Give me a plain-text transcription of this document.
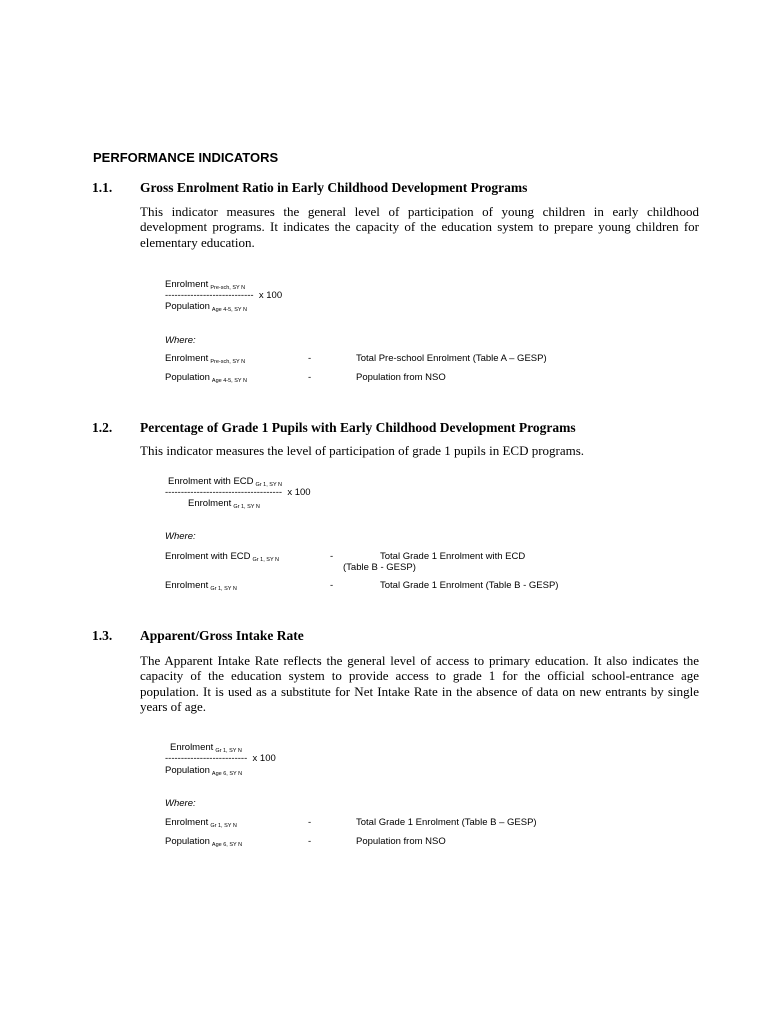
PERFORMANCE INDICATORS
1.1. Gross Enrolment Ratio in Early Childhood Development Programs
This indicator measures the general level of participation of young children in early childhood development programs. It indicates the capacity of the education system to prepare young children for elementary education.
Enrolment $_{Pre-sch, SY N}$
---------------------------- x 100
Population $_{Age 4-5, SY N}$
Where:
Enrolment $_{Pre-sch, SY N}$	-	Total Pre-school Enrolment (Table A – GESP)
Population $_{Age 4-5, SY N}$	-	Population from NSO
1.2. Percentage of Grade 1 Pupils with Early Childhood Development Programs
This indicator measures the level of participation of grade 1 pupils in ECD programs.
Enrolment with ECD $_{Gr 1, SY N}$
------------------------------------- x 100
Enrolment $_{Gr 1, SY N}$
Where:
Enrolment with ECD $_{Gr 1, SY N}$	-	Total Grade 1 Enrolment with ECD
(Table B - GESP)
Enrolment $_{Gr 1, SY N}$	-	Total Grade 1 Enrolment (Table B - GESP)
1.3. Apparent/Gross Intake Rate
The Apparent Intake Rate reflects the general level of access to primary education. It also indicates the capacity of the education system to provide access to grade 1 for the official school-entrance age population. It is used as a substitute for Net Intake Rate in the absence of data on new entrants by single years of age.
Enrolment $_{Gr 1, SY N}$
-------------------------- x 100
Population $_{Age 6, SY N}$
Where:
Enrolment $_{Gr 1, SY N}$	-	Total Grade 1 Enrolment (Table B – GESP)
Population $_{Age 6, SY N}$	-	Population from NSO
